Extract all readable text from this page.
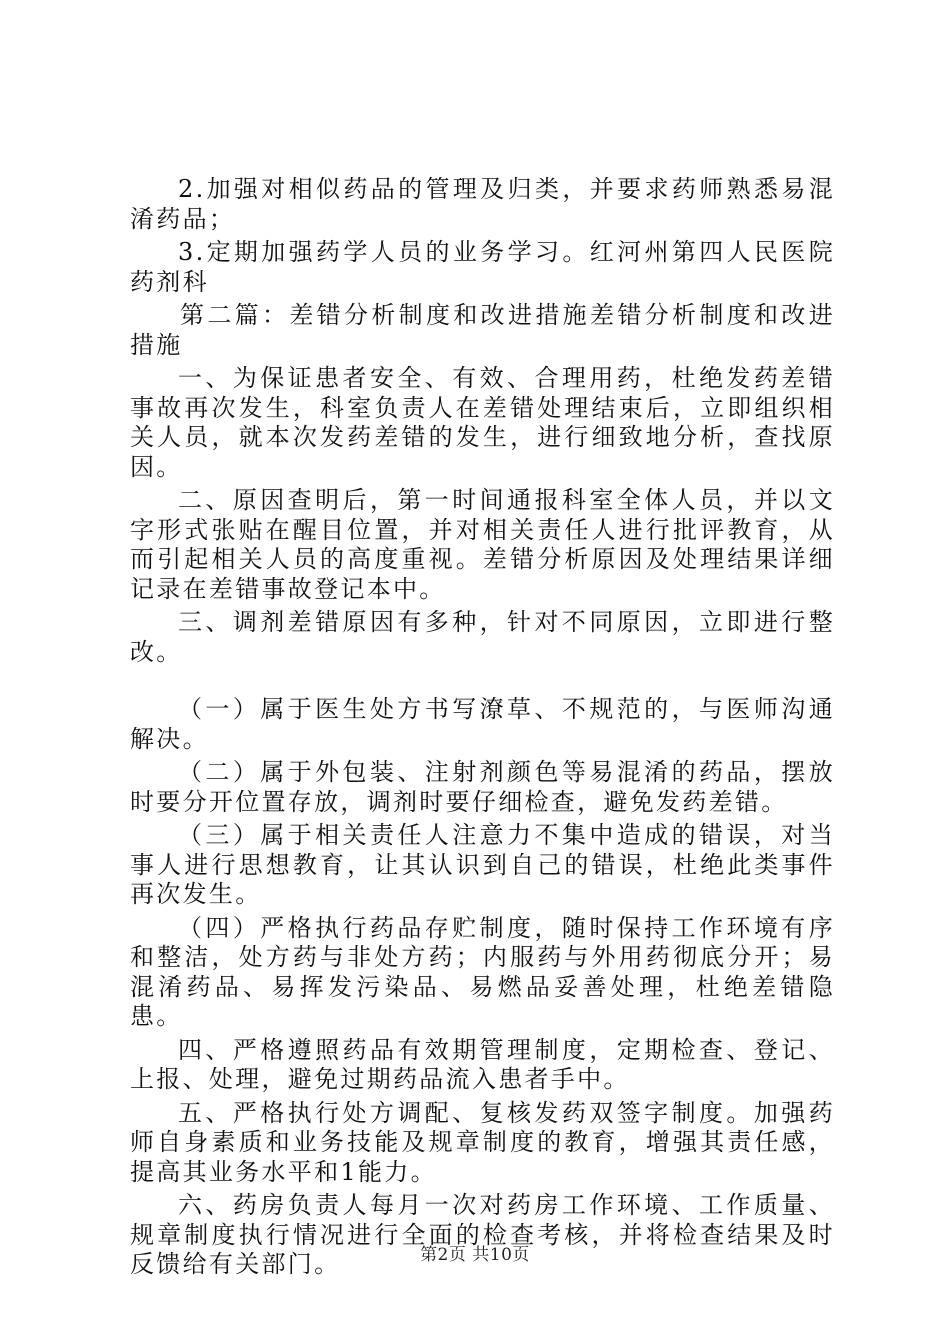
2.加强对相似药品的管理及归类，并要求药师熟悉易混淆药品；

3.定期加强药学人员的业务学习。红河州第四人民医院药剂科

第二篇：差错分析制度和改进措施差错分析制度和改进措施

一、为保证患者安全、有效、合理用药，杜绝发药差错事故再次发生，科室负责人在差错处理结束后，立即组织相关人员，就本次发药差错的发生，进行细致地分析，查找原因。

二、原因查明后，第一时间通报科室全体人员，并以文字形式张贴在醒目位置，并对相关责任人进行批评教育，从而引起相关人员的高度重视。差错分析原因及处理结果详细记录在差错事故登记本中。

三、调剂差错原因有多种，针对不同原因，立即进行整改。

（一）属于医生处方书写潦草、不规范的，与医师沟通解决。

（二）属于外包装、注射剂颜色等易混淆的药品，摆放时要分开位置存放，调剂时要仔细检查，避免发药差错。

（三）属于相关责任人注意力不集中造成的错误，对当事人进行思想教育，让其认识到自己的错误，杜绝此类事件再次发生。

（四）严格执行药品存贮制度，随时保持工作环境有序和整洁，处方药与非处方药；内服药与外用药彻底分开；易混淆药品、易挥发污染品、易燃品妥善处理，杜绝差错隐患。

四、严格遵照药品有效期管理制度，定期检查、登记、上报、处理，避免过期药品流入患者手中。

五、严格执行处方调配、复核发药双签字制度。加强药师自身素质和业务技能及规章制度的教育，增强其责任感，提高其业务水平和1能力。

六、药房负责人每月一次对药房工作环境、工作质量、规章制度执行情况进行全面的检查考核，并将检查结果及时反馈给有关部门。	第2页 共10页
